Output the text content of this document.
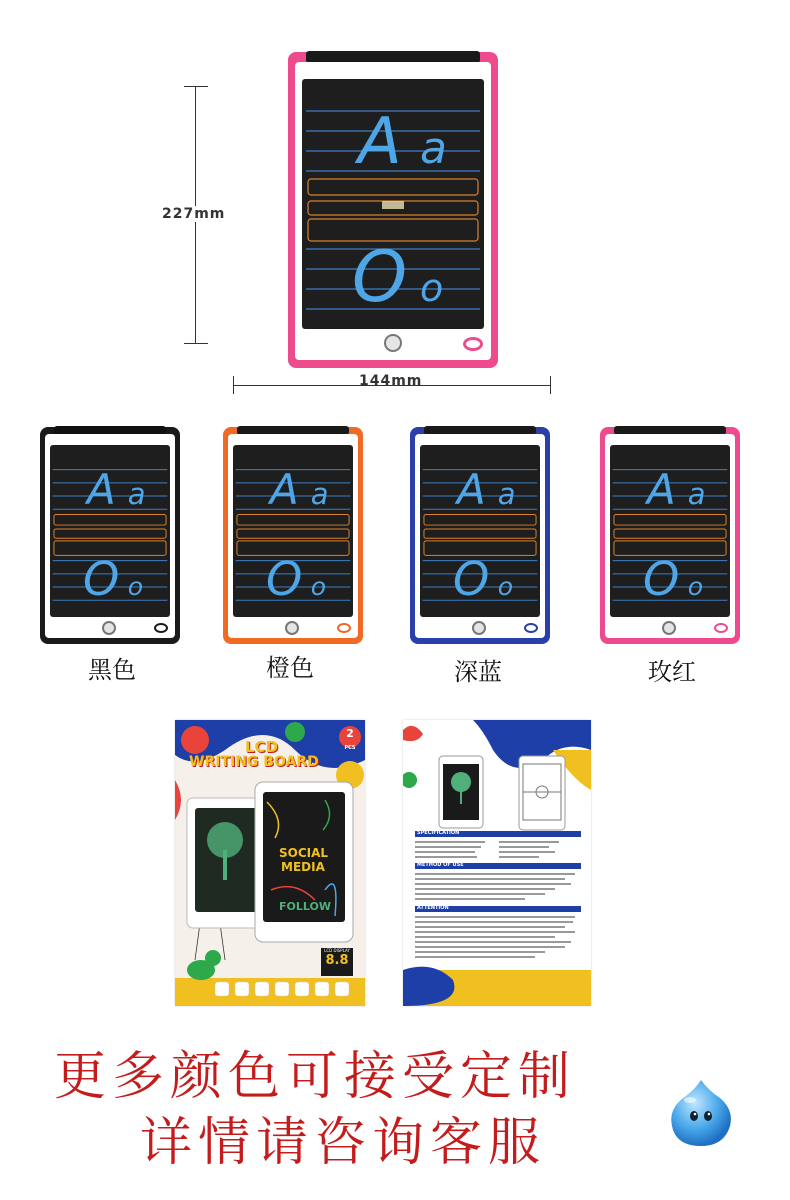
227mm
144mm
A a
O o
A a
O o
黑色
A a
O o
橙色
A a
O o
深蓝
A a
O o
玫红
LCD
WRITING BOARD
2
PCS
SOCIAL
MEDIA
FOLLOW
LCD DISPLAY
8.8
SPECIFICATION
METHOD OF USE
ATTENTION
更多颜色可接受定制
详情请咨询客服
